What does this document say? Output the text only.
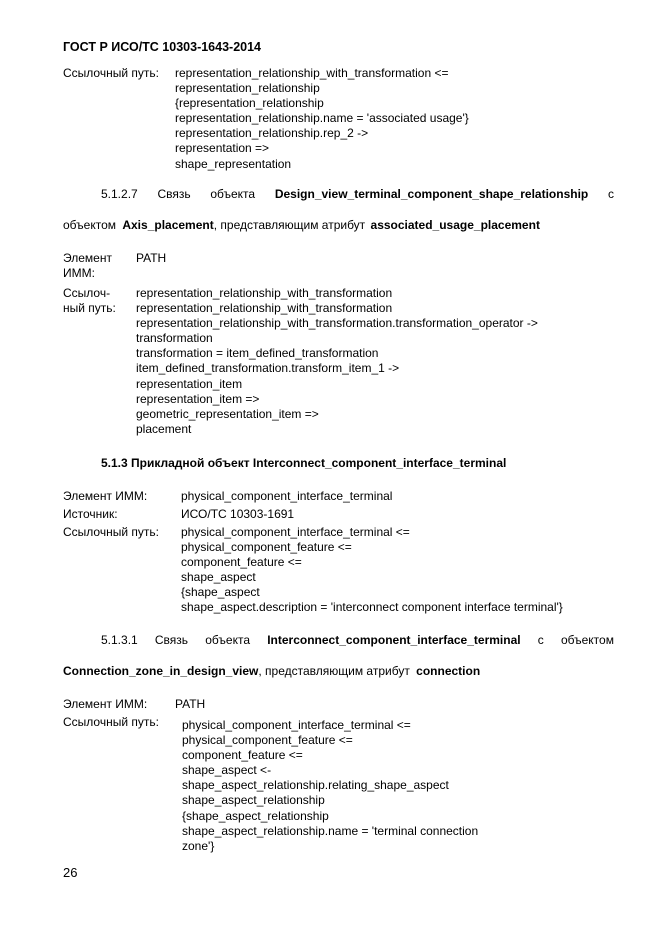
ГОСТ Р ИСО/ТС 10303-1643-2014
Ссылочный путь: representation_relationship_with_transformation <=
representation_relationship
{representation_relationship
representation_relationship.name = 'associated usage'}
representation_relationship.rep_2 ->
representation =>
shape_representation
5.1.2.7 Связь объекта Design_view_terminal_component_shape_relationship с
объектом Axis_placement, представляющим атрибут associated_usage_placement
Элемент
ИММ:
PATH
Ссылоч-
ный путь:
representation_relationship_with_transformation
representation_relationship_with_transformation
representation_relationship_with_transformation.transformation_operator ->
transformation
transformation = item_defined_transformation
item_defined_transformation.transform_item_1 ->
representation_item
representation_item =>
geometric_representation_item =>
placement
5.1.3 Прикладной объект Interconnect_component_interface_terminal
Элемент ИММ:	physical_component_interface_terminal
Источник:	ИСО/ТС 10303-1691
Ссылочный путь: physical_component_interface_terminal <=
physical_component_feature <=
component_feature <=
shape_aspect
{shape_aspect
shape_aspect.description = 'interconnect component interface terminal'}
5.1.3.1 Связь объекта Interconnect_component_interface_terminal с объектом
Connection_zone_in_design_view, представляющим атрибут connection
Элемент ИММ: PATH
Ссылочный путь: physical_component_interface_terminal <=
physical_component_feature <=
component_feature <=
shape_aspect <-
shape_aspect_relationship.relating_shape_aspect
shape_aspect_relationship
{shape_aspect_relationship
shape_aspect_relationship.name = 'terminal connection
zone'}
26
